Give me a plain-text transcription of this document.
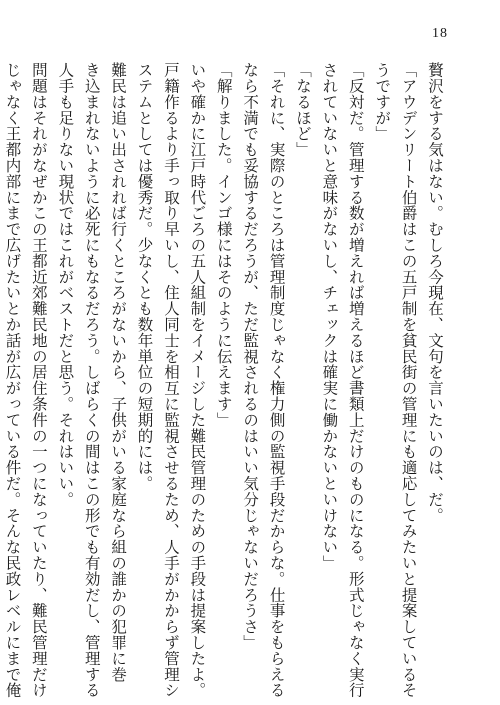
18
贅沢をする気はない。むしろ今現在、文句を言いたいのは、だ。
「アウデンリート伯爵はこの五戸制を貧民街の管理にも適応してみたいと提案しているそ
うですが」
「反対だ。管理する数が増えれば増えるほど書類上だけのものになる。形式じゃなく実行
されていないと意味がないし、チェックは確実に働かないといけない」
「なるほど」
「それに、実際のところは管理制度じゃなく権力側の監視手段だからな。仕事をもらえる
なら不満でも妥協するだろうが、ただ監視されるのはいい気分じゃないだろうさ」
「解りました。インゴ様にはそのように伝えます」
いや確かに江戸時代ごろの五人組制をイメージした難民管理のための手段は提案したよ。
戸籍作るより手っ取り早いし、住人同士を相互に監視させるため、人手がかからず管理シ
ステムとしては優秀だ。少なくとも数年単位の短期的には。
難民は追い出されれば行くところがないから、子供がいる家庭なら組の誰かの犯罪に巻
き込まれないように必死にもなるだろう。しばらくの間はこの形でも有効だし、管理する
人手も足りない現状ではこれがベストだと思う。それはいい。
問題はそれがなぜかこの王都近郊難民地の居住条件の一つになっていたり、難民管理だけ
じゃなく王都内部にまで広げたいとか話が広がっている件だ。そんな民政レベルにまで俺
